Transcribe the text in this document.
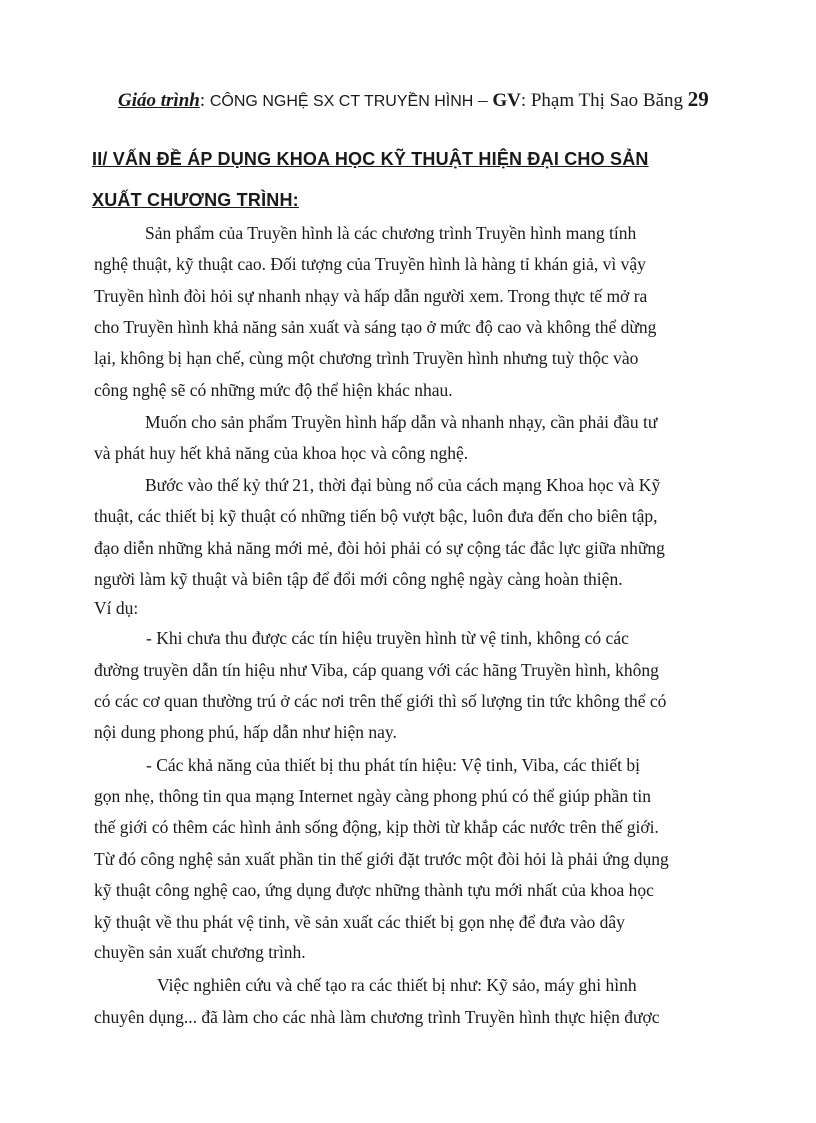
Giáo trình: CÔNG NGHỆ SX CT TRUYỀN HÌNH – GV: Phạm Thị Sao Băng 29
II/ VẤN ĐỀ ÁP DỤNG KHOA HỌC KỸ THUẬT HIỆN ĐẠI CHO SẢN
XUẤT CHƯƠNG TRÌNH:
Sản phẩm của Truyền hình là các chương trình Truyền hình mang tính
nghệ thuật, kỹ thuật cao. Đối tượng của Truyền hình là hàng tỉ khán giả, vì vậy
Truyền hình đòi hỏi sự nhanh nhạy và hấp dẫn người xem. Trong thực tế mở ra
cho Truyền hình khả năng sản xuất và sáng tạo ở mức độ cao và không thể dừng
lại, không bị hạn chế, cùng một chương trình Truyền hình nhưng tuỳ thộc vào
công nghệ sẽ có những mức độ thể hiện khác nhau.
Muốn cho sản phẩm Truyền hình hấp dẫn và nhanh nhạy, cần phải đầu tư
và phát huy hết khả năng của khoa học và công nghệ.
Bước vào thế kỷ thứ 21, thời đại bùng nổ của cách mạng Khoa học và Kỹ
thuật, các thiết bị kỹ thuật có những tiến bộ vượt bậc, luôn đưa đến cho biên tập,
đạo diễn những khả năng mới mẻ, đòi hỏi phải có sự cộng tác đắc lực giữa những
người làm kỹ thuật và biên tập để đổi mới công nghệ ngày càng hoàn thiện.
Ví dụ:
- Khi chưa thu được các tín hiệu truyền hình từ vệ tinh, không có các
đường truyền dẫn tín hiệu như Viba, cáp quang với các hãng Truyền hình, không
có các cơ quan thường trú ở các nơi trên thế giới thì số lượng tin tức không thể có
nội dung phong phú, hấp dẫn như hiện nay.
- Các khả năng của thiết bị thu phát tín hiệu: Vệ tinh, Viba, các thiết bị
gọn nhẹ, thông tin qua mạng Internet ngày càng phong phú có thể giúp phần tin
thế giới có thêm các hình ảnh sống động, kịp thời từ khắp các nước trên thế giới.
Từ đó công nghệ sản xuất phần tin thế giới đặt trước một đòi hỏi là phải ứng dụng
kỹ thuật công nghệ cao, ứng dụng được những thành tựu mới nhất của khoa học
kỹ thuật về thu phát vệ tinh, về sản xuất các thiết bị gọn nhẹ để đưa vào dây
chuyền sản xuất chương trình.
Việc nghiên cứu và chế tạo ra các thiết bị như: Kỹ sảo, máy ghi hình
chuyên dụng... đã làm cho các nhà làm chương trình Truyền hình thực hiện được
